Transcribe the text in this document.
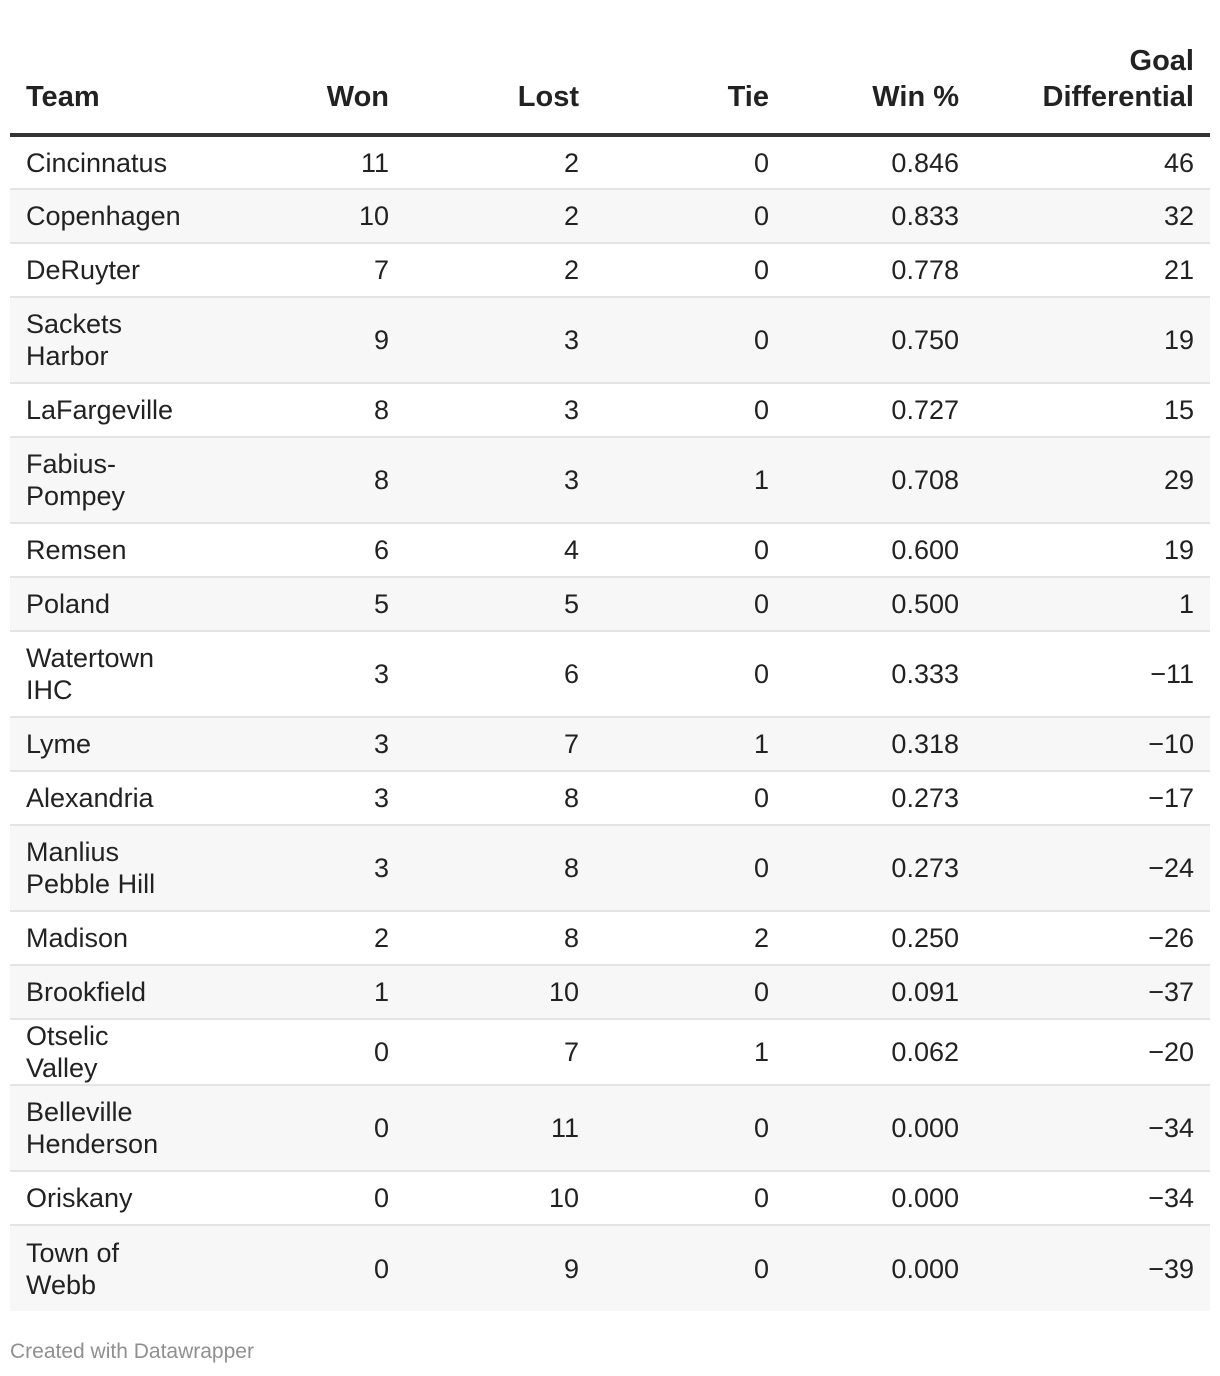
Team	Won	Lost	Tie	Win %	Goal Differential
Cincinnatus	11	2	0	0.846	46
Copenhagen	10	2	0	0.833	32
DeRuyter	7	2	0	0.778	21
Sackets Harbor	9	3	0	0.750	19
LaFargeville	8	3	0	0.727	15
Fabius-Pompey	8	3	1	0.708	29
Remsen	6	4	0	0.600	19
Poland	5	5	0	0.500	1
Watertown IHC	3	6	0	0.333	−11
Lyme	3	7	1	0.318	−10
Alexandria	3	8	0	0.273	−17
Manlius Pebble Hill	3	8	0	0.273	−24
Madison	2	8	2	0.250	−26
Brookfield	1	10	0	0.091	−37
Otselic Valley	0	7	1	0.062	−20
Belleville Henderson	0	11	0	0.000	−34
Oriskany	0	10	0	0.000	−34
Town of Webb	0	9	0	0.000	−39
Created with Datawrapper
